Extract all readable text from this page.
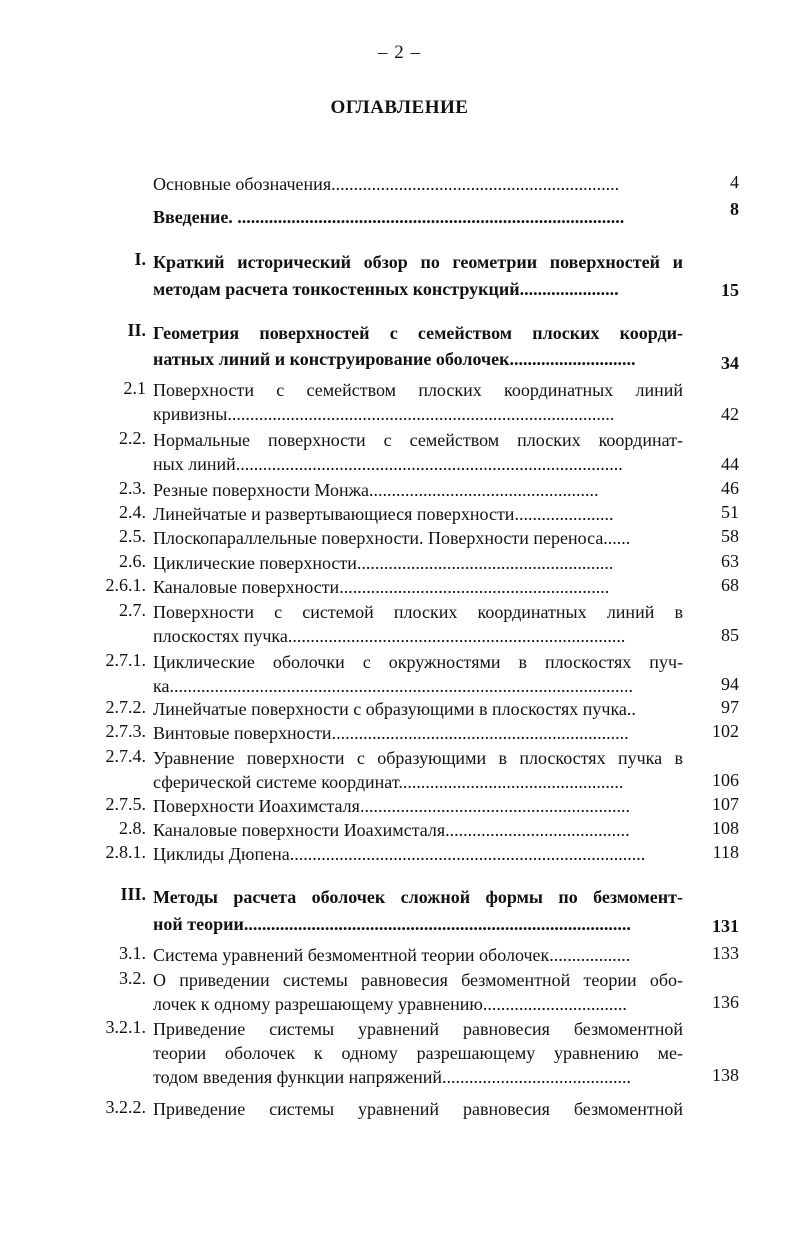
– 2 –
ОГЛАВЛЕНИЕ
Основные обозначения................................................................	4
Введение. ......................................................................................	8
I. Краткий исторический обзор по геометрии поверхностей и
методам расчета тонкостенных конструкций......................	15
II. Геометрия поверхностей с семейством плоских коорди-
натных линий и конструирование оболочек............................	34
2.1 Поверхности с семейством плоских координатных линий
кривизны......................................................................................	42
2.2. Нормальные поверхности с семейством плоских координат-
ных линий......................................................................................	44
2.3. Резные поверхности Монжа...................................................	46
2.4. Линейчатые и развертывающиеся поверхности......................	51
2.5. Плоскопараллельные поверхности. Поверхности переноса......	58
2.6. Циклические поверхности.........................................................	63
2.6.1. Каналовые поверхности............................................................	68
2.7. Поверхности с системой плоских координатных линий в
плоскостях пучка...........................................................................	85
2.7.1. Циклические оболочки с окружностями в плоскостях пуч-
ка.......................................................................................................	94
2.7.2. Линейчатые поверхности с образующими в плоскостях пучка..	97
2.7.3. Винтовые поверхности..................................................................	102
2.7.4. Уравнение поверхности с образующими в плоскостях пучка в
сферической системе координат..................................................	106
2.7.5. Поверхности Иоахимсталя............................................................	107
2.8. Каналовые поверхности Иоахимсталя.........................................	108
2.8.1. Циклиды Дюпена...............................................................................	118
III. Методы расчета оболочек сложной формы по безмомент-
ной теории......................................................................................	131
3.1. Система уравнений безмоментной теории оболочек..................	133
3.2. О приведении системы равновесия безмоментной теории обо-
лочек к одному разрешающему уравнению................................	136
3.2.1. Приведение системы уравнений равновесия безмоментной
теории оболочек к одному разрешающему уравнению ме-
тодом введения функции напряжений..........................................	138
3.2.2. Приведение системы уравнений равновесия безмоментной
